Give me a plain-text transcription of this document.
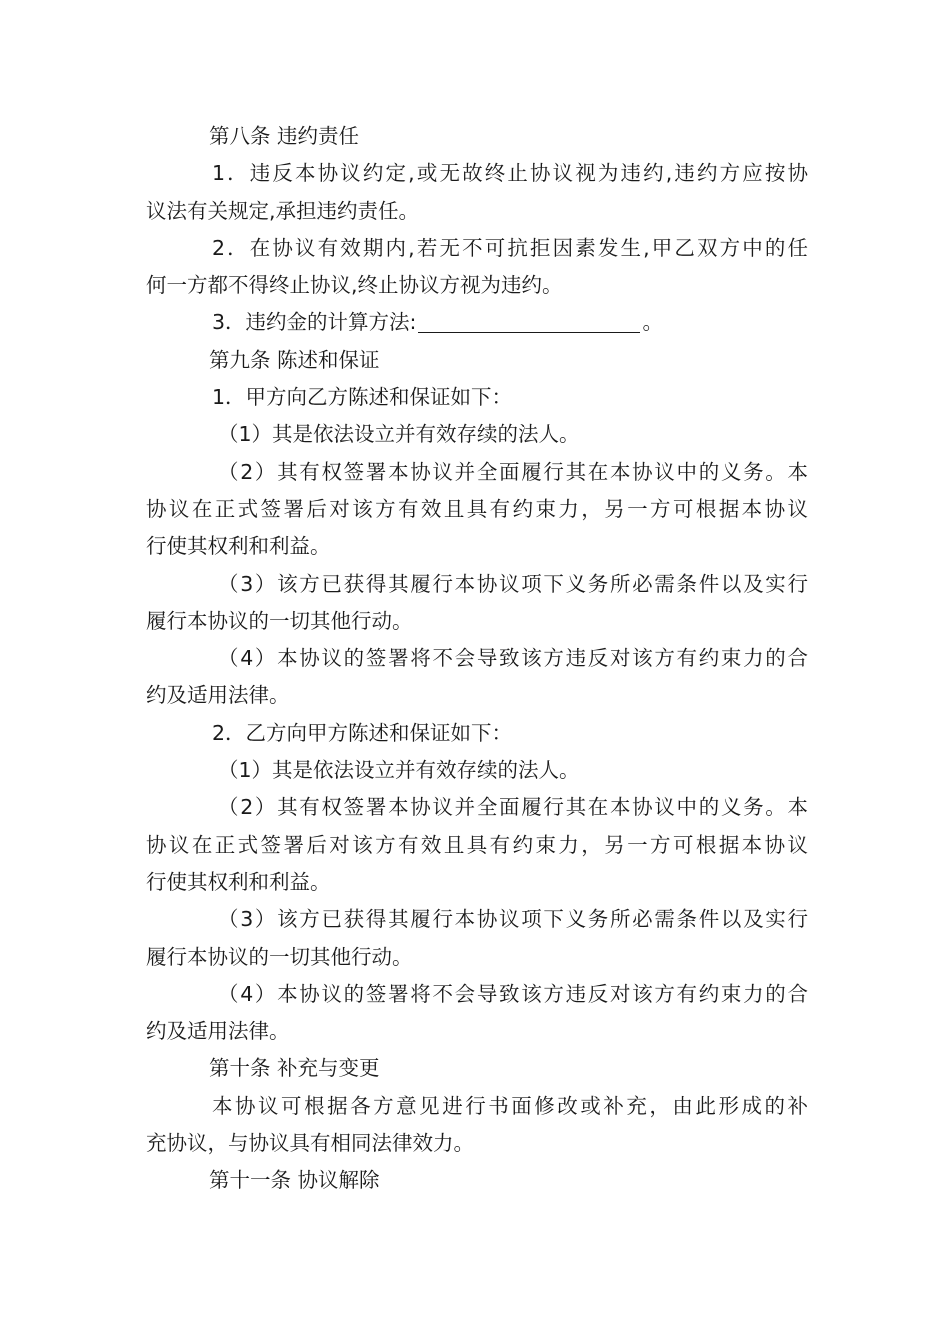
第八条 违约责任
1．违反本协议约定,或无故终止协议视为违约,违约方应按协
议法有关规定,承担违约责任。
2．在协议有效期内,若无不可抗拒因素发生,甲乙双方中的任
何一方都不得终止协议,终止协议方视为违约。
3．违约金的计算方法:	。
第九条 陈述和保证
1．甲方向乙方陈述和保证如下：
（1）其是依法设立并有效存续的法人。
（2）其有权签署本协议并全面履行其在本协议中的义务。本
协议在正式签署后对该方有效且具有约束力，另一方可根据本协议
行使其权利和利益。
（3）该方已获得其履行本协议项下义务所必需条件以及实行
履行本协议的一切其他行动。
（4）本协议的签署将不会导致该方违反对该方有约束力的合
约及适用法律。
2．乙方向甲方陈述和保证如下：
（1）其是依法设立并有效存续的法人。
（2）其有权签署本协议并全面履行其在本协议中的义务。本
协议在正式签署后对该方有效且具有约束力，另一方可根据本协议
行使其权利和利益。
（3）该方已获得其履行本协议项下义务所必需条件以及实行
履行本协议的一切其他行动。
（4）本协议的签署将不会导致该方违反对该方有约束力的合
约及适用法律。
第十条 补充与变更
本协议可根据各方意见进行书面修改或补充，由此形成的补
充协议，与协议具有相同法律效力。
第十一条 协议解除
